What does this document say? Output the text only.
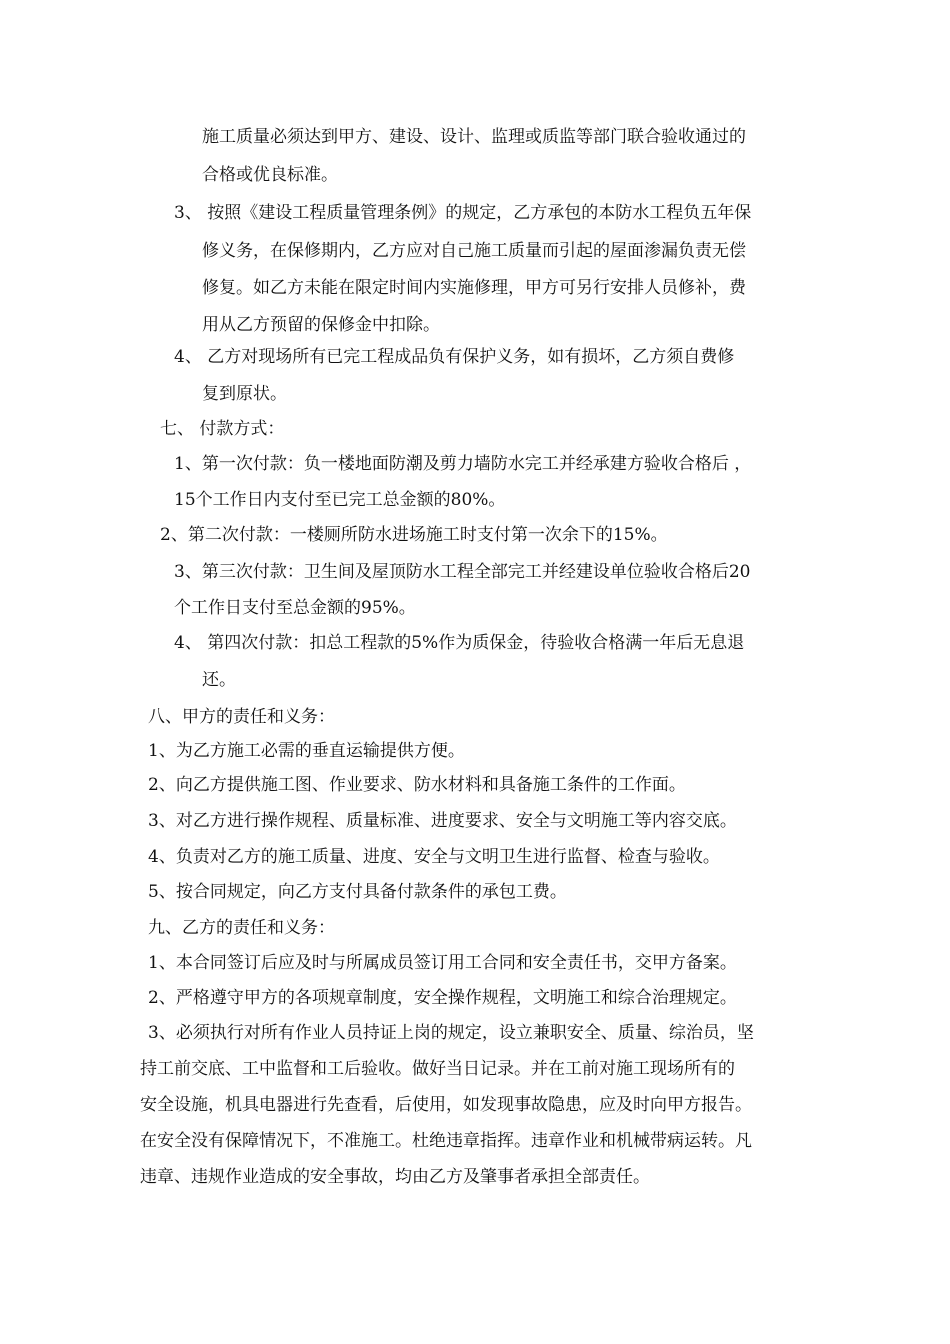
施工质量必须达到甲方、建设、设计、监理或质监等部门联合验收通过的
合格或优良标准。
3、 按照《建设工程质量管理条例》的规定，乙方承包的本防水工程负五年保
修义务，在保修期内，乙方应对自己施工质量而引起的屋面渗漏负责无偿
修复。如乙方未能在限定时间内实施修理，甲方可另行安排人员修补，费
用从乙方预留的保修金中扣除。
4、 乙方对现场所有已完工程成品负有保护义务，如有损坏，乙方须自费修
复到原状。
七、 付款方式：
1、第一次付款：负一楼地面防潮及剪力墙防水完工并经承建方验收合格后 ，
15个工作日内支付至已完工总金额的80%。
2、第二次付款：一楼厕所防水进场施工时支付第一次余下的15%。
3、第三次付款：卫生间及屋顶防水工程全部完工并经建设单位验收合格后20
个工作日支付至总金额的95%。
4、 第四次付款：扣总工程款的5%作为质保金，待验收合格满一年后无息退
还。
八、甲方的责任和义务：
1、为乙方施工必需的垂直运输提供方便。
2、向乙方提供施工图、作业要求、防水材料和具备施工条件的工作面。
3、对乙方进行操作规程、质量标准、进度要求、安全与文明施工等内容交底。
4、负责对乙方的施工质量、进度、安全与文明卫生进行监督、检查与验收。
5、按合同规定，向乙方支付具备付款条件的承包工费。
九、乙方的责任和义务：
1、本合同签订后应及时与所属成员签订用工合同和安全责任书，交甲方备案。
2、严格遵守甲方的各项规章制度，安全操作规程，文明施工和综合治理规定。
3、必须执行对所有作业人员持证上岗的规定，设立兼职安全、质量、综治员，坚
持工前交底、工中监督和工后验收。做好当日记录。并在工前对施工现场所有的
安全设施，机具电器进行先查看，后使用，如发现事故隐患，应及时向甲方报告。
在安全没有保障情况下，不准施工。杜绝违章指挥。违章作业和机械带病运转。凡
违章、违规作业造成的安全事故，均由乙方及肇事者承担全部责任。
